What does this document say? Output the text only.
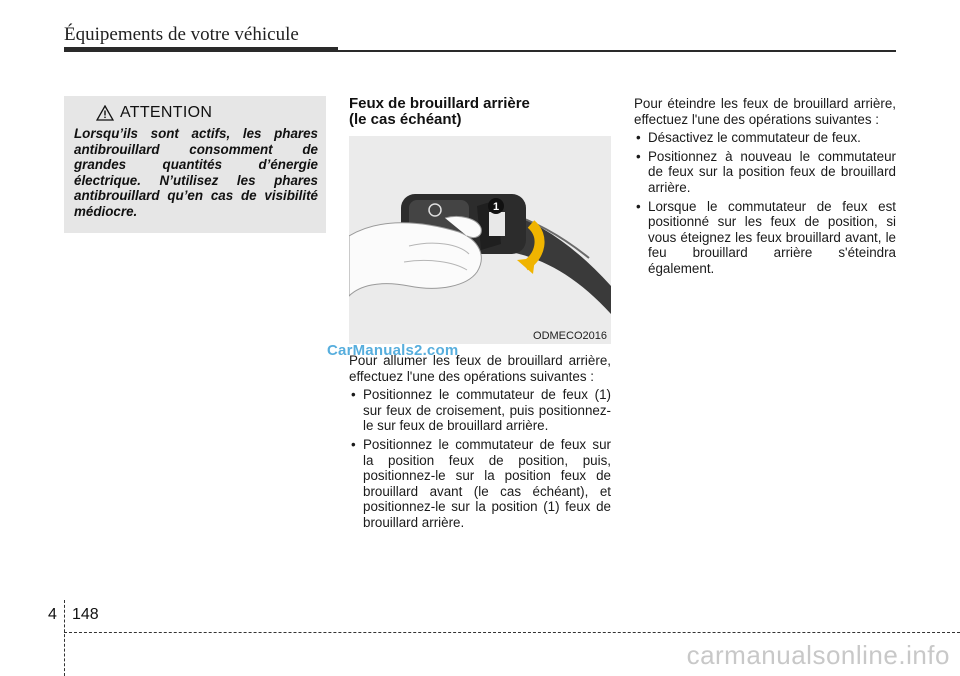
Équipements de votre véhicule
ATTENTION
Lorsqu’ils sont actifs, les phares antibrouillard consomment de grandes quantités d’énergie électrique. N’utilisez les phares antibrouillard qu’en cas de visibilité médiocre.
Feux de brouillard arrière
(le cas échéant)
1
ODMECO2016
CarManuals2.com

Pour allumer les feux de brouillard arrière, effectuez l'une des opérations suivantes :

• Positionnez le commutateur de feux (1) sur feux de croisement, puis positionnez-le sur feux de brouillard arrière.
• Positionnez le commutateur de feux sur la position feux de position, puis, positionnez-le sur la position feux de brouillard avant (le cas échéant), et positionnez-le sur la position (1) feux de brouillard arrière.

Pour éteindre les feux de brouillard arrière, effectuez l'une des opérations suivantes :

• Désactivez le commutateur de feux.
• Positionnez à nouveau le commutateur de feux sur la position feux de brouillard arrière.
• Lorsque le commutateur de feux est positionné sur les feux de position, si vous éteignez les feux brouillard avant, le feu brouillard arrière s'éteindra également.
4 148
carmanualsonline.info
